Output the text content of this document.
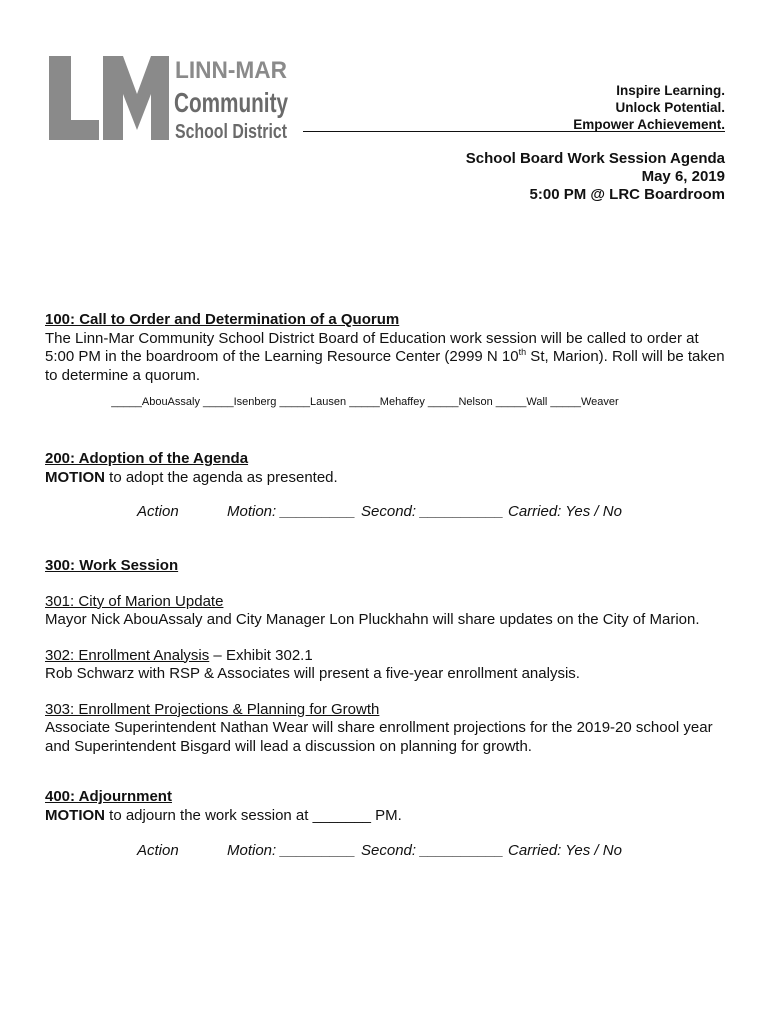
LINN-MAR
Community
School District
Inspire Learning.
Unlock Potential.
Empower Achievement.
School Board Work Session Agenda
May 6, 2019
5:00 PM @ LRC Boardroom
100: Call to Order and Determination of a Quorum
The Linn-Mar Community School District Board of Education work session will be called to order at 5:00 PM in the boardroom of the Learning Resource Center (2999 N 10th St, Marion). Roll will be taken to determine a quorum.
_____AbouAssaly _____Isenberg _____Lausen _____Mehaffey _____Nelson _____Wall _____Weaver
200: Adoption of the Agenda
MOTION to adopt the agenda as presented.
Action	Motion: _________ Second: __________ Carried: Yes / No
300: Work Session
301: City of Marion Update
Mayor Nick AbouAssaly and City Manager Lon Pluckhahn will share updates on the City of Marion.
302: Enrollment Analysis – Exhibit 302.1
Rob Schwarz with RSP & Associates will present a five-year enrollment analysis.
303: Enrollment Projections & Planning for Growth
Associate Superintendent Nathan Wear will share enrollment projections for the 2019-20 school year and Superintendent Bisgard will lead a discussion on planning for growth.
400: Adjournment
MOTION to adjourn the work session at _______ PM.
Action	Motion: _________ Second: __________ Carried: Yes / No
